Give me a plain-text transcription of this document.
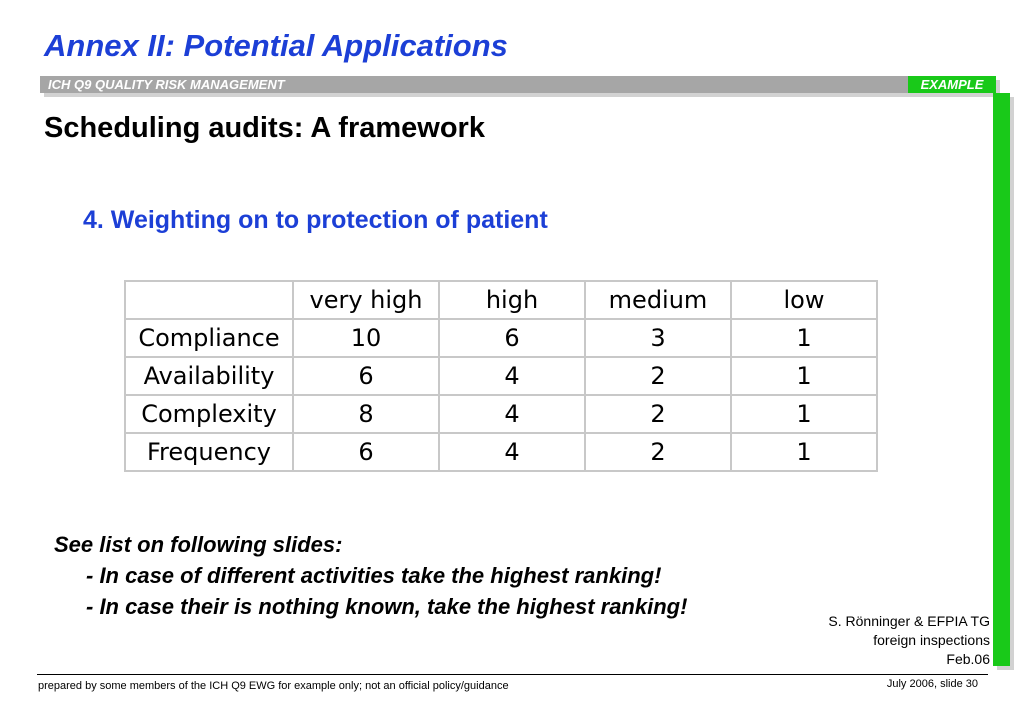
Annex II: Potential Applications
ICH Q9 QUALITY RISK MANAGEMENT	EXAMPLE
Scheduling audits: A framework
4. Weighting on to protection of patient
	very high	high	medium	low
Compliance	10	6	3	1
Availability	6	4	2	1
Complexity	8	4	2	1
Frequency	6	4	2	1
See list on following slides:
- In case of different activities take the highest ranking!
- In case their is nothing known, take the highest ranking!
S. Rönninger & EFPIA TG
foreign inspections
Feb.06
prepared by some members of the ICH Q9 EWG for example only; not an official policy/guidance	July 2006, slide 30
